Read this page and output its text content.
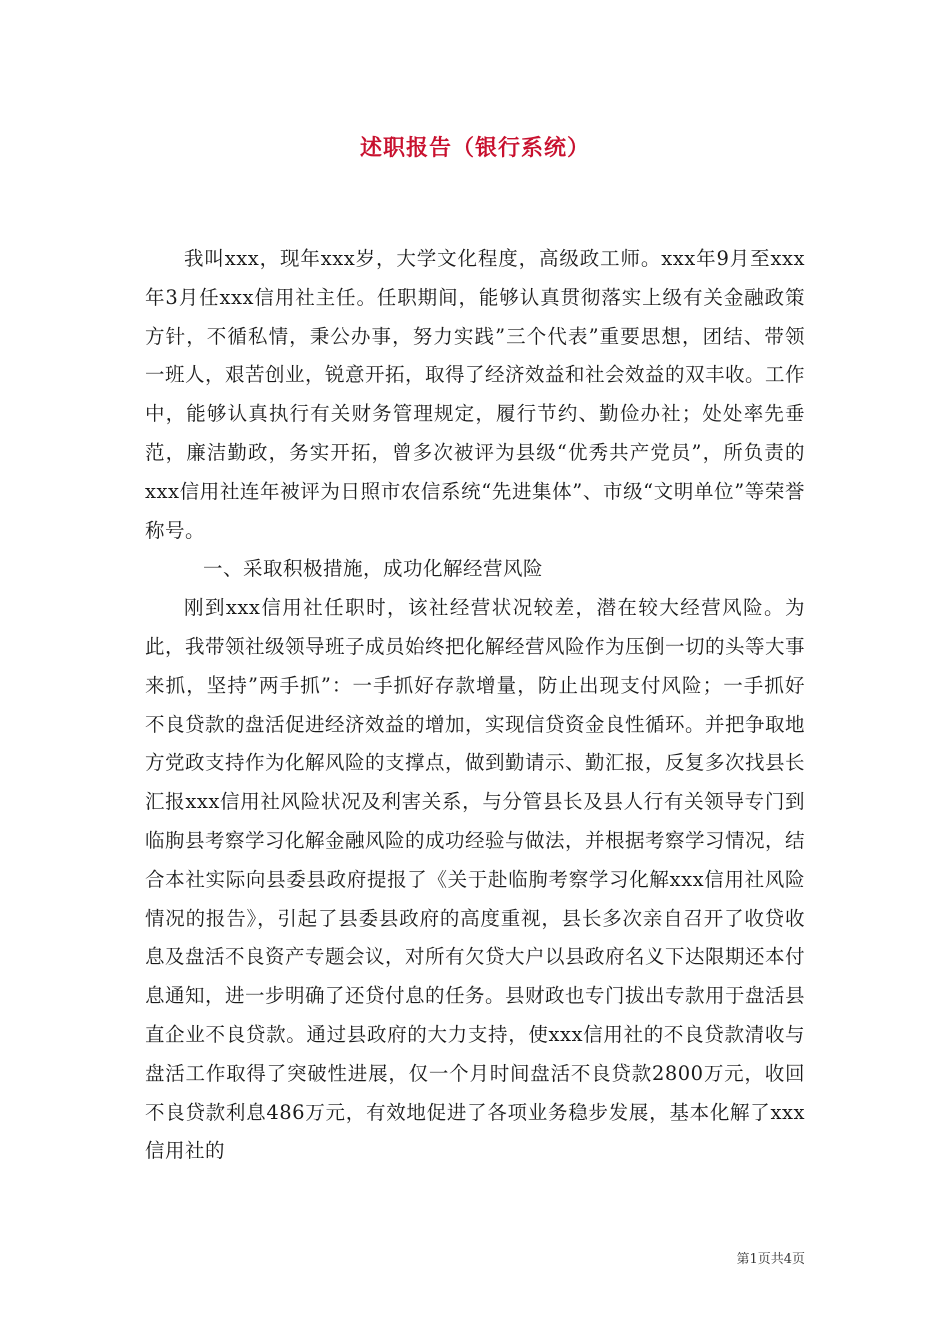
述职报告（银行系统）

我叫xxx，现年xxx岁，大学文化程度，高级政工师。xxx年9月至xxx年3月任xxx信用社主任。任职期间，能够认真贯彻落实上级有关金融政策方针，不循私情，秉公办事，努力实践”三个代表”重要思想，团结、带领一班人，艰苦创业，锐意开拓，取得了经济效益和社会效益的双丰收。工作中，能够认真执行有关财务管理规定，履行节约、勤俭办社；处处率先垂范，廉洁勤政，务实开拓，曾多次被评为县级“优秀共产党员”，所负责的xxx信用社连年被评为日照市农信系统“先进集体”、市级“文明单位”等荣誉称号。

一、采取积极措施，成功化解经营风险

刚到xxx信用社任职时，该社经营状况较差，潜在较大经营风险。为此，我带领社级领导班子成员始终把化解经营风险作为压倒一切的头等大事来抓，坚持”两手抓”：一手抓好存款增量，防止出现支付风险；一手抓好不良贷款的盘活促进经济效益的增加，实现信贷资金良性循环。并把争取地方党政支持作为化解风险的支撑点，做到勤请示、勤汇报，反复多次找县长汇报xxx信用社风险状况及利害关系，与分管县长及县人行有关领导专门到临朐县考察学习化解金融风险的成功经验与做法，并根据考察学习情况，结合本社实际向县委县政府提报了《关于赴临朐考察学习化解xxx信用社风险情况的报告》，引起了县委县政府的高度重视，县长多次亲自召开了收贷收息及盘活不良资产专题会议，对所有欠贷大户以县政府名义下达限期还本付息通知，进一步明确了还贷付息的任务。县财政也专门拔出专款用于盘活县直企业不良贷款。通过县政府的大力支持，使xxx信用社的不良贷款清收与盘活工作取得了突破性进展，仅一个月时间盘活不良贷款2800万元，收回不良贷款利息486万元，有效地促进了各项业务稳步发展，基本化解了xxx信用社的

第1页共4页
